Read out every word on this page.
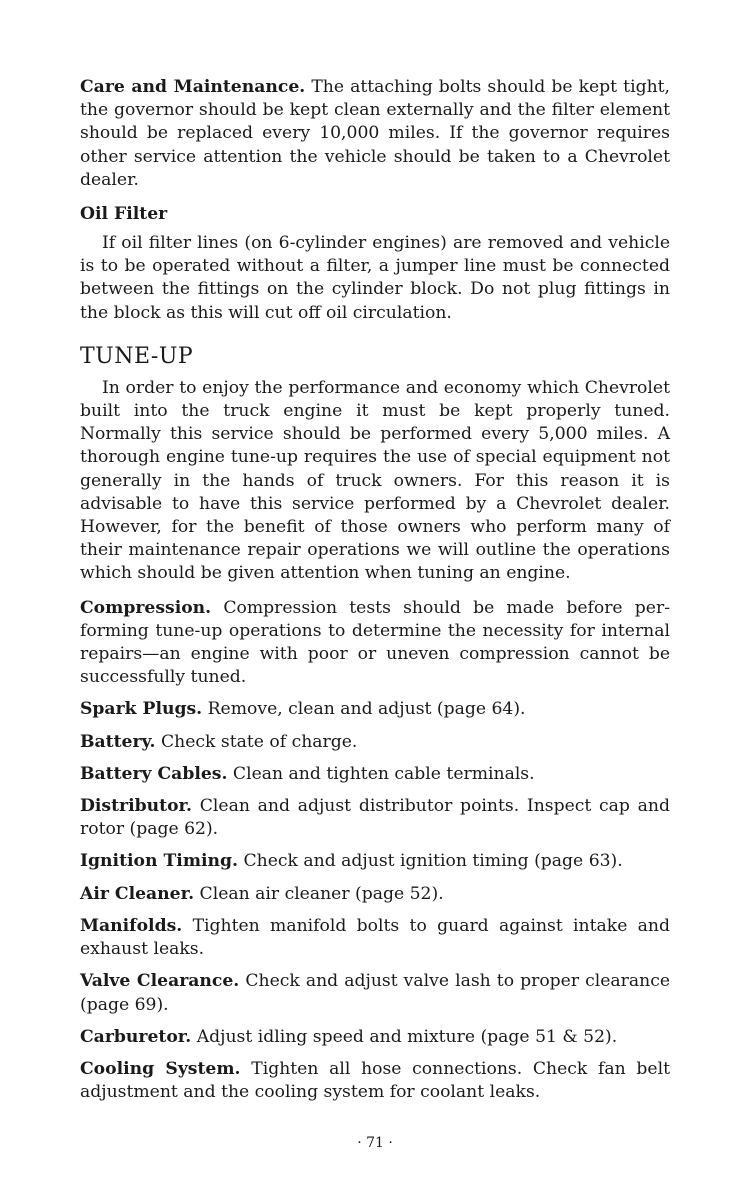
Care and Maintenance. The attaching bolts should be kept tight, the governor should be kept clean externally and the filter element should be replaced every 10,000 miles. If the governor requires other service attention the vehicle should be taken to a Chevrolet dealer.

Oil Filter

If oil filter lines (on 6-cylinder engines) are removed and vehicle is to be operated without a filter, a jumper line must be connected between the fittings on the cylinder block. Do not plug fittings in the block as this will cut off oil circulation.

TUNE-UP

In order to enjoy the performance and economy which Chevrolet built into the truck engine it must be kept properly tuned. Normally this service should be performed every 5,000 miles. A thorough engine tune-up requires the use of special equipment not generally in the hands of truck owners. For this reason it is advisable to have this service performed by a Chevrolet dealer. However, for the benefit of those owners who perform many of their maintenance repair operations we will outline the operations which should be given attention when tuning an engine.

Compression. Compression tests should be made before performing tune-up operations to determine the necessity for internal repairs—an engine with poor or uneven compression cannot be successfully tuned.

Spark Plugs. Remove, clean and adjust (page 64).

Battery. Check state of charge.

Battery Cables. Clean and tighten cable terminals.

Distributor. Clean and adjust distributor points. Inspect cap and rotor (page 62).

Ignition Timing. Check and adjust ignition timing (page 63).

Air Cleaner. Clean air cleaner (page 52).

Manifolds. Tighten manifold bolts to guard against intake and exhaust leaks.

Valve Clearance. Check and adjust valve lash to proper clearance (page 69).

Carburetor. Adjust idling speed and mixture (page 51 & 52).

Cooling System. Tighten all hose connections. Check fan belt adjustment and the cooling system for coolant leaks.

· 71 ·
